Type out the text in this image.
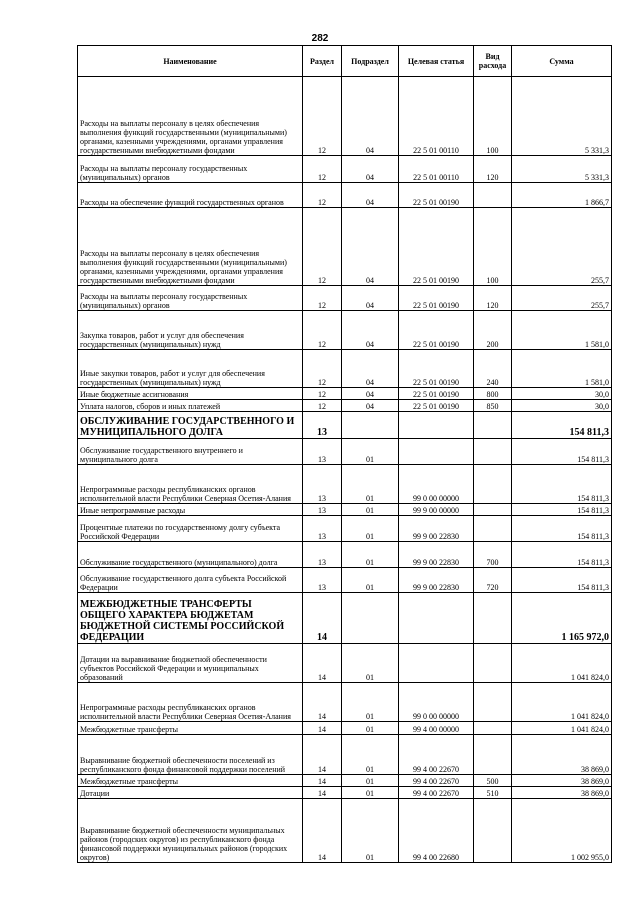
282
Наименование	Раздел	Подраздел	Целевая статья	Вид расхода	Сумма
Расходы на выплаты персоналу в целях обеспечения выполнения функций государственными (муниципальными) органами, казенными учреждениями, органами управления государственными внебюджетными фондами	12	04	22 5 01 00110	100	5 331,3
Расходы на выплаты персоналу государственных (муниципальных) органов	12	04	22 5 01 00110	120	5 331,3
Расходы на обеспечение функций государственных органов	12	04	22 5 01 00190		1 866,7
Расходы на выплаты персоналу в целях обеспечения выполнения функций государственными (муниципальными) органами, казенными учреждениями, органами управления государственными внебюджетными фондами	12	04	22 5 01 00190	100	255,7
Расходы на выплаты персоналу государственных (муниципальных) органов	12	04	22 5 01 00190	120	255,7
Закупка товаров, работ и услуг для обеспечения государственных (муниципальных) нужд	12	04	22 5 01 00190	200	1 581,0
Иные закупки товаров, работ и услуг для обеспечения государственных (муниципальных) нужд	12	04	22 5 01 00190	240	1 581,0
Иные бюджетные ассигнования	12	04	22 5 01 00190	800	30,0
Уплата налогов, сборов и иных платежей	12	04	22 5 01 00190	850	30,0
ОБСЛУЖИВАНИЕ ГОСУДАРСТВЕННОГО И МУНИЦИПАЛЬНОГО ДОЛГА	13				154 811,3
Обслуживание государственного внутреннего и муниципального долга	13	01			154 811,3
Непрограммные расходы республиканских органов исполнительной власти Республики Северная Осетия-Алания	13	01	99 0 00 00000		154 811,3
Иные непрограммные расходы	13	01	99 9 00 00000		154 811,3
Процентные платежи по государственному долгу субъекта Российской Федерации	13	01	99 9 00 22830		154 811,3
Обслуживание государственного (муниципального) долга	13	01	99 9 00 22830	700	154 811,3
Обслуживание государственного долга субъекта Российской Федерации	13	01	99 9 00 22830	720	154 811,3
МЕЖБЮДЖЕТНЫЕ ТРАНСФЕРТЫ ОБЩЕГО ХАРАКТЕРА БЮДЖЕТАМ БЮДЖЕТНОЙ СИСТЕМЫ РОССИЙСКОЙ ФЕДЕРАЦИИ	14				1 165 972,0
Дотации на выравнивание бюджетной обеспеченности субъектов Российской Федерации и муниципальных образований	14	01			1 041 824,0
Непрограммные расходы республиканских органов исполнительной власти Республики Северная Осетия-Алания	14	01	99 0 00 00000		1 041 824,0
Межбюджетные трансферты	14	01	99 4 00 00000		1 041 824,0
Выравнивание бюджетной обеспеченности поселений из республиканского фонда финансовой поддержки поселений	14	01	99 4 00 22670		38 869,0
Межбюджетные трансферты	14	01	99 4 00 22670	500	38 869,0
Дотации	14	01	99 4 00 22670	510	38 869,0
Выравнивание бюджетной обеспеченности муниципальных районов (городских округов) из республиканского фонда финансовой поддержки муниципальных районов (городских округов)	14	01	99 4 00 22680		1 002 955,0
